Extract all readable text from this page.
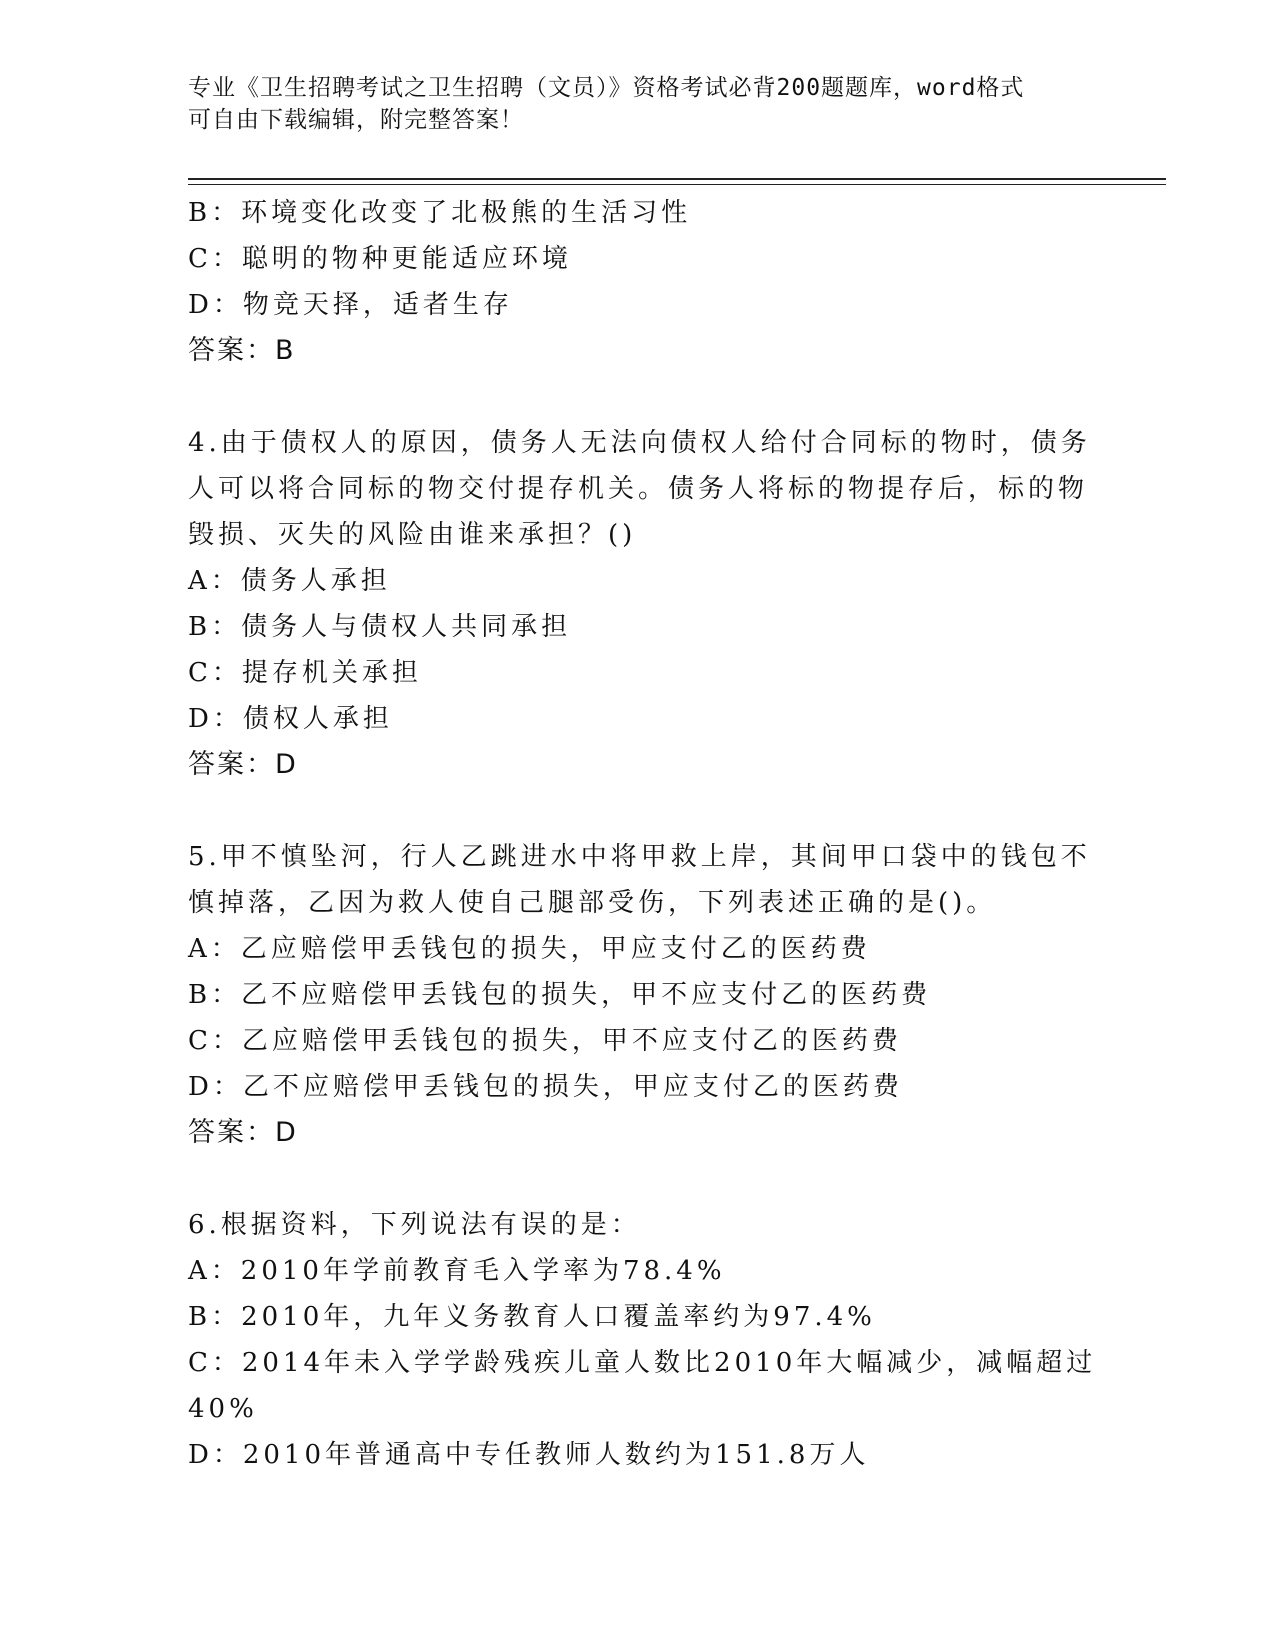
专业《卫生招聘考试之卫生招聘（文员）》资格考试必背200题题库，word格式
可自由下载编辑，附完整答案！
B：环境变化改变了北极熊的生活习性
C：聪明的物种更能适应环境
D：物竞天择，适者生存
答案：B
4.由于债权人的原因，债务人无法向债权人给付合同标的物时，债务
人可以将合同标的物交付提存机关。债务人将标的物提存后，标的物
毁损、灭失的风险由谁来承担？()
A：债务人承担
B：债务人与债权人共同承担
C：提存机关承担
D：债权人承担
答案：D
5.甲不慎坠河，行人乙跳进水中将甲救上岸，其间甲口袋中的钱包不
慎掉落，乙因为救人使自己腿部受伤，下列表述正确的是()。
A：乙应赔偿甲丢钱包的损失，甲应支付乙的医药费
B：乙不应赔偿甲丢钱包的损失，甲不应支付乙的医药费
C：乙应赔偿甲丢钱包的损失，甲不应支付乙的医药费
D：乙不应赔偿甲丢钱包的损失，甲应支付乙的医药费
答案：D
6.根据资料，下列说法有误的是：
A：2010年学前教育毛入学率为78.4%
B：2010年，九年义务教育人口覆盖率约为97.4%
C：2014年未入学学龄残疾儿童人数比2010年大幅减少，减幅超过
40%
D：2010年普通高中专任教师人数约为151.8万人
